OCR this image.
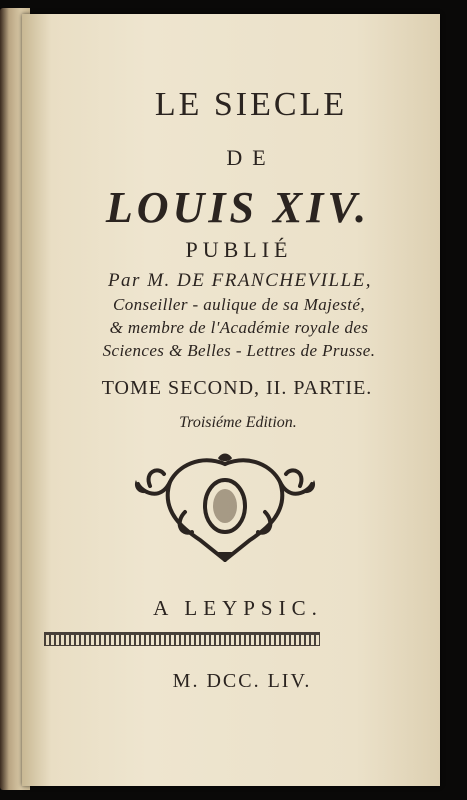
LE SIECLE
DE
LOUIS XIV.
PUBLIÉ
Par M. DE FRANCHEVILLE,
Conseiller - aulique de sa Majesté,
& membre de l'Académie royale des
Sciences & Belles - Lettres de Prusse.
TOME SECOND, II. PARTIE.
Troisiéme Edition.
A LEYPSIC.
M. DCC. LIV.
